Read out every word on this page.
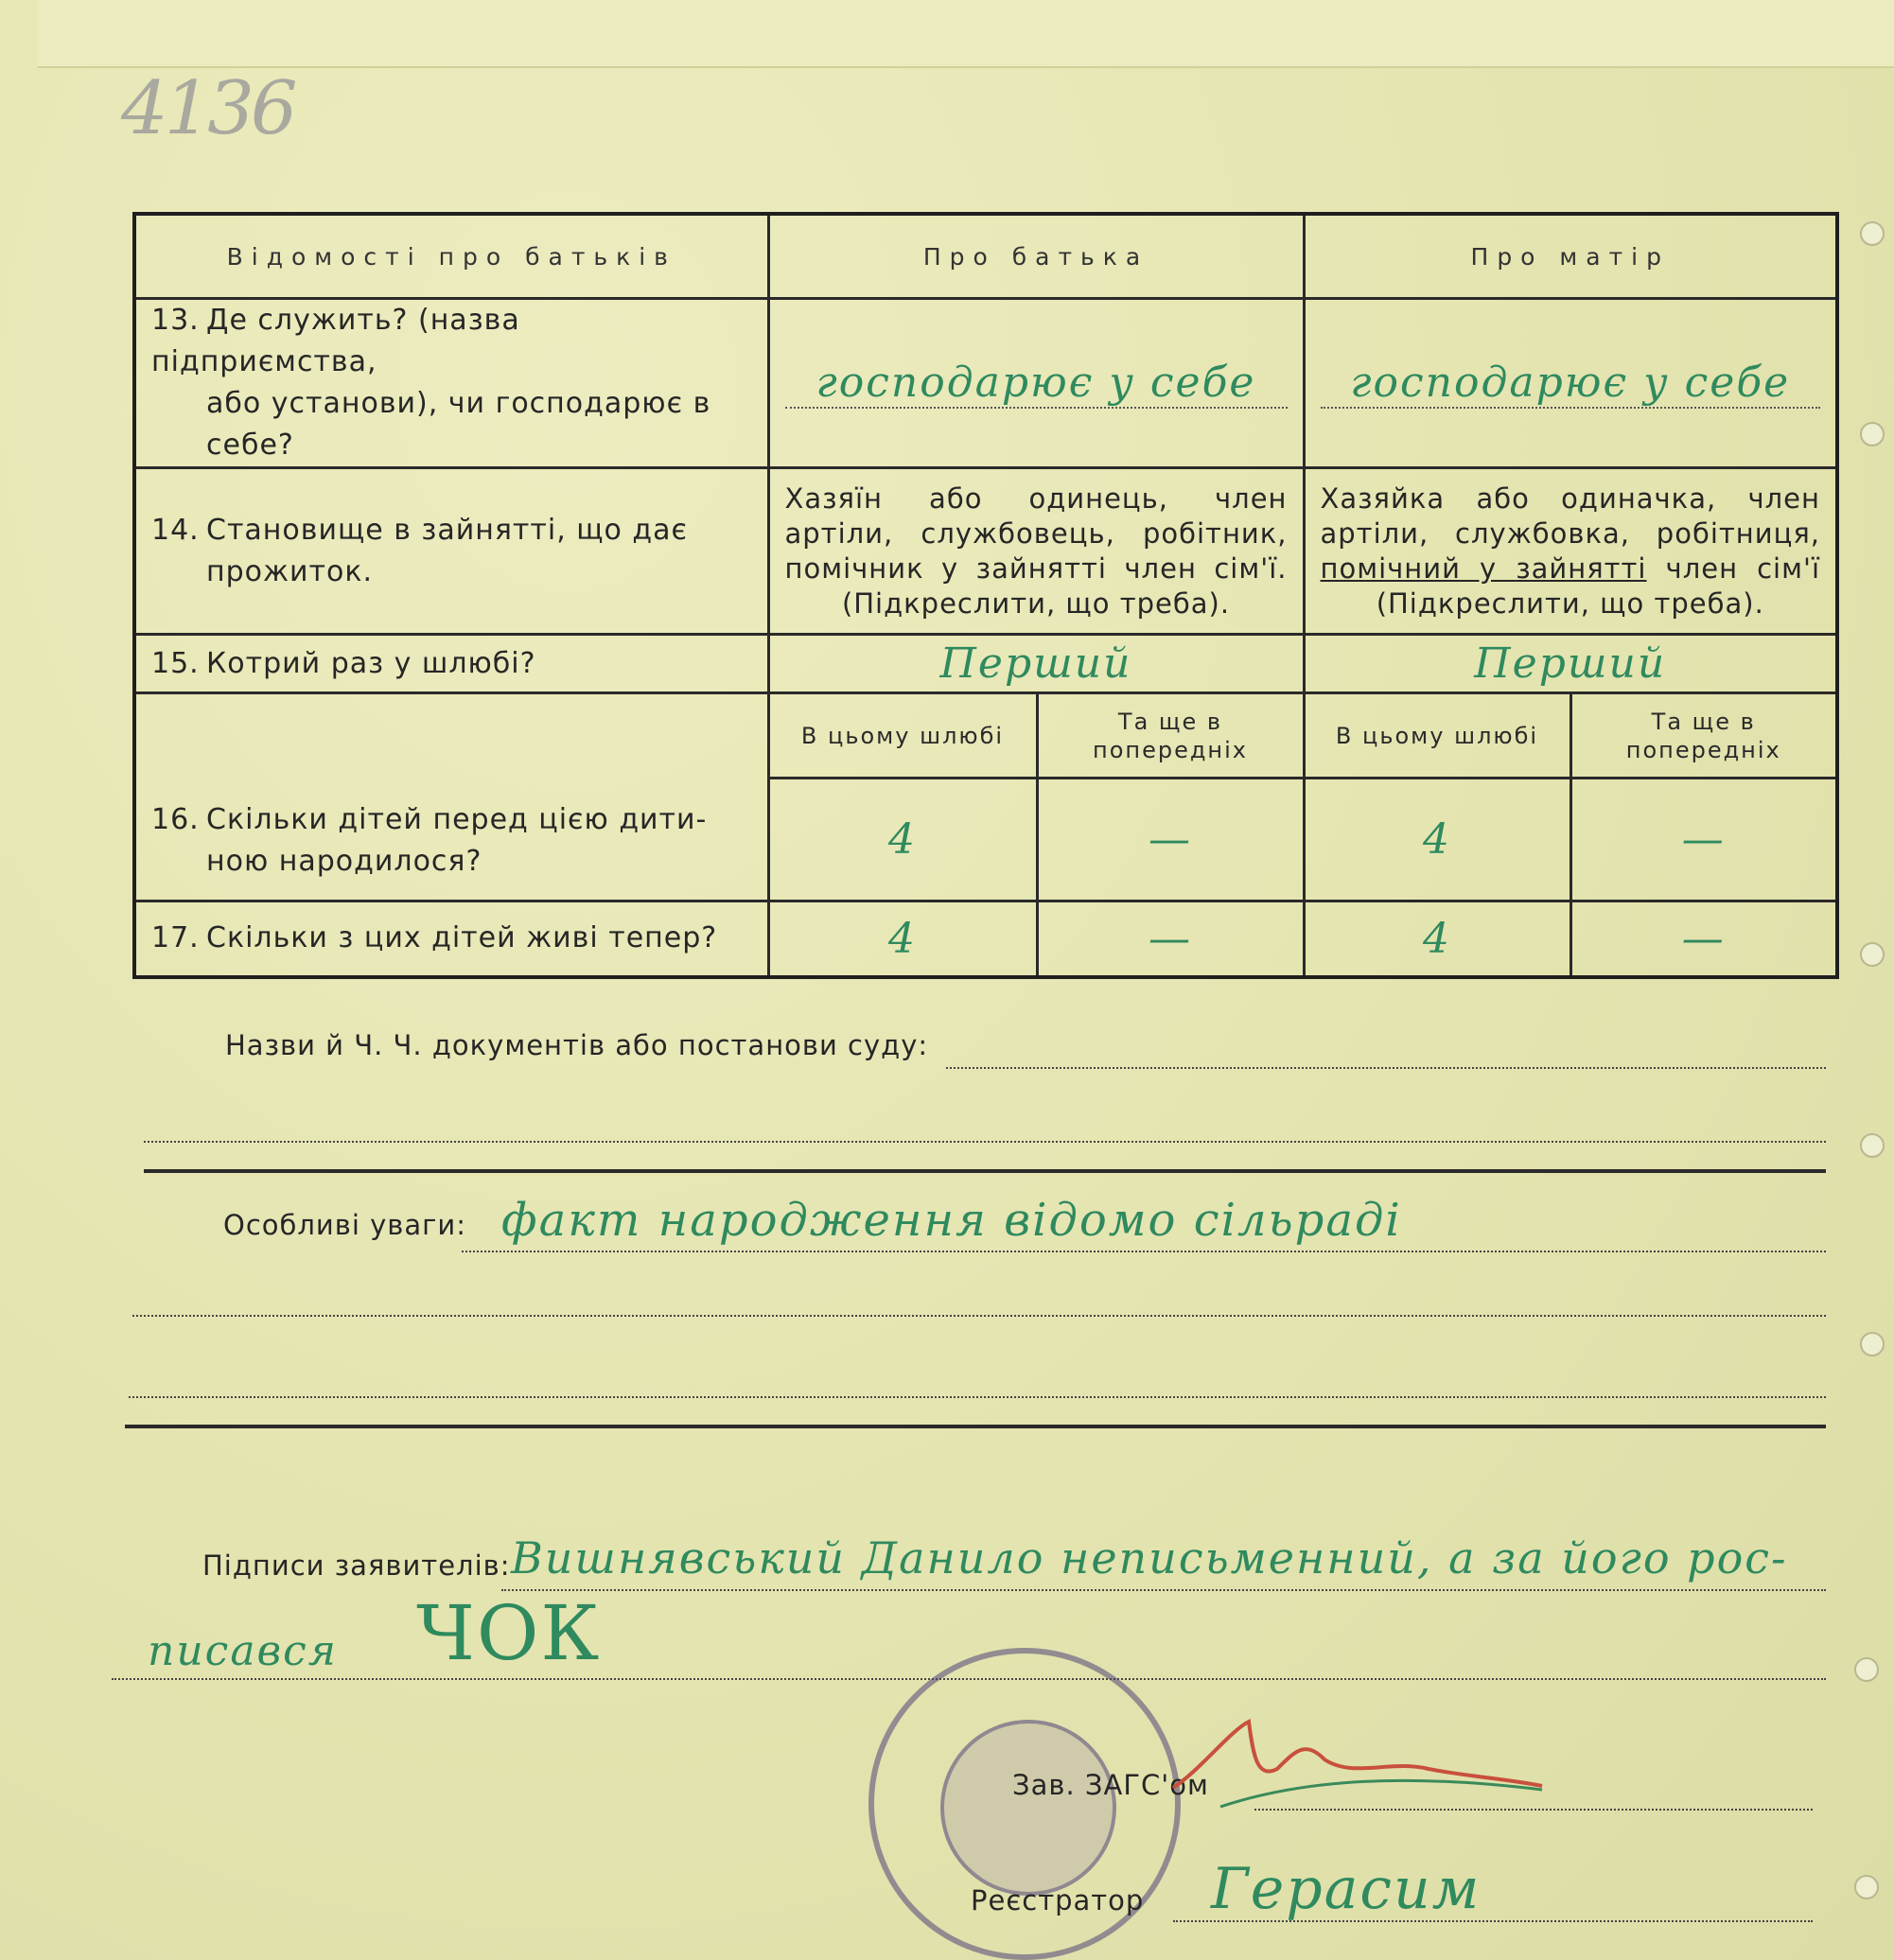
4136
Відомості про батьків	Про батька		Про матір	
13. Де служить? (назва підприємства,
або установи), чи господарює в себе?	господарює у себе		господарює у себе	

14. Становище в зайнятті, що дає
прожиток.	Хазяїн або одинець, член артіли, службовець, робітник, помічник у зайнятті член сім'ї. (Підкреслити, що треба).		Хазяйка або одиначка, член артіли, службовка, робітниця, помічний у зайнятті член сім'ї (Підкреслити, що треба).	
15. Котрий раз у шлюбі?	Перший		Перший	
16. Скільки дітей перед цією дити-
ною народилося?	В цьому шлюбі	Та ще в попередніх	В цьому шлюбі	Та ще в попередніх
	4	—	4	—
17. Скільки з цих дітей живі тепер?	4	—	4	—
Назви й Ч. Ч. документів або постанови суду:
Особливі уваги: факт народження відомо сільраді
Підписи заявителів: Вишнявський Данило неписьменний, а за його рос-
писався ЧОК
Зав. ЗАГС'ом
Реєстратор Герасим
